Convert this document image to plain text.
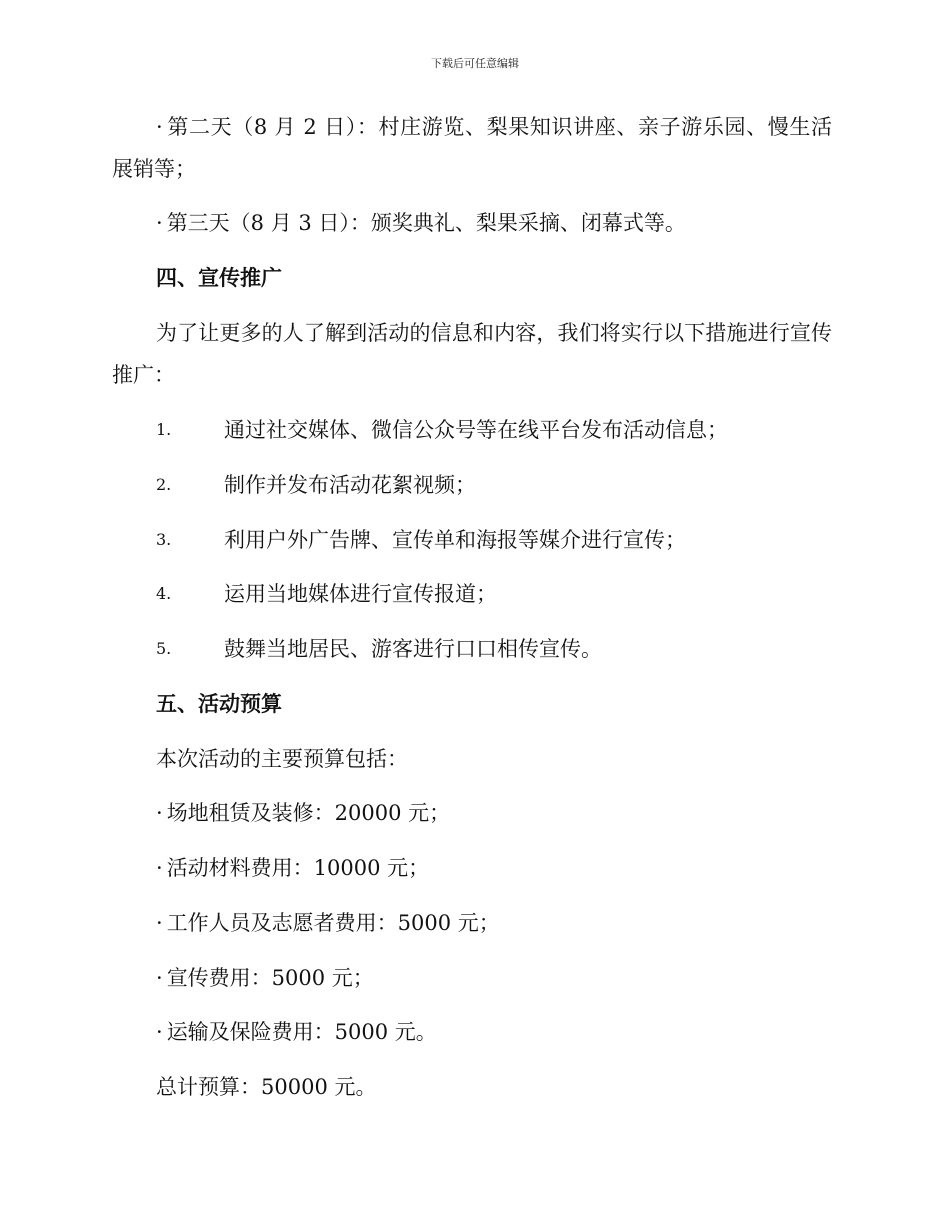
下载后可任意编辑
· 第二天（8 月 2 日）：村庄游览、梨果知识讲座、亲子游乐园、慢生活展销等；
· 第三天（8 月 3 日）：颁奖典礼、梨果采摘、闭幕式等。
四、宣传推广
为了让更多的人了解到活动的信息和内容，我们将实行以下措施进行宣传推广：
1.	通过社交媒体、微信公众号等在线平台发布活动信息；
2.	制作并发布活动花絮视频；
3.	利用户外广告牌、宣传单和海报等媒介进行宣传；
4.	运用当地媒体进行宣传报道；
5.	鼓舞当地居民、游客进行口口相传宣传。
五、活动预算
本次活动的主要预算包括：
· 场地租赁及装修：20000 元；
· 活动材料费用：10000 元；
· 工作人员及志愿者费用：5000 元；
· 宣传费用：5000 元；
· 运输及保险费用：5000 元。
总计预算：50000 元。
